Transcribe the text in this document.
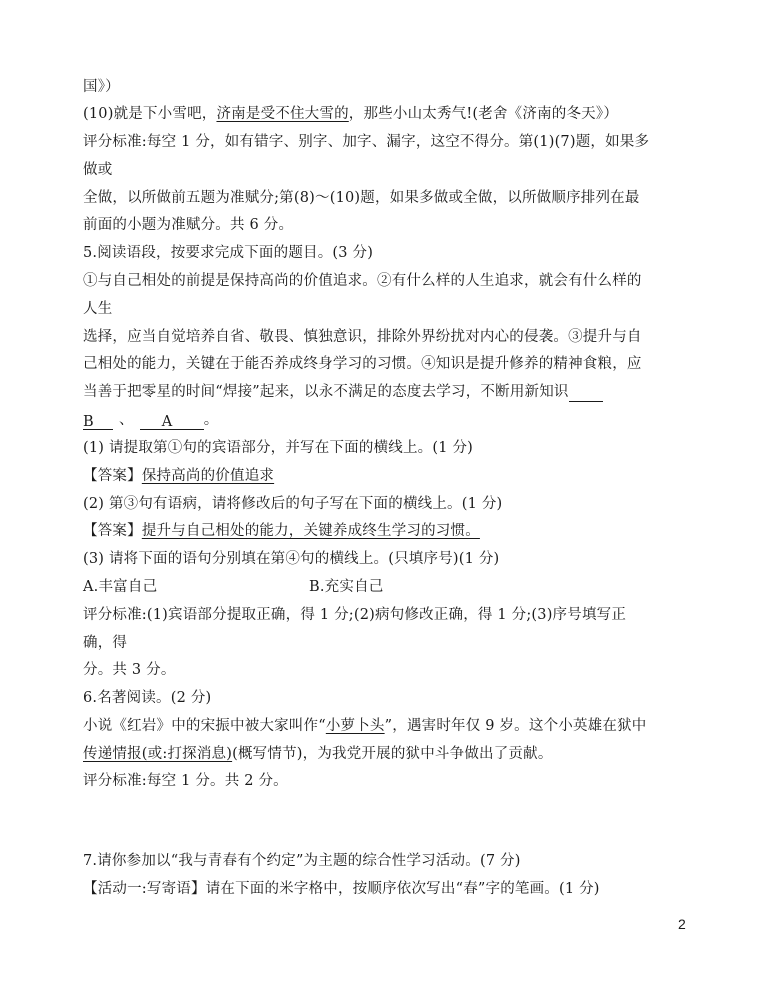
国》）
(10)就是下小雪吧，济南是受不住大雪的，那些小山太秀气!(老舍《济南的冬天》）
评分标准:每空 1 分，如有错字、别字、加字、漏字，这空不得分。第(1)(7)题，如果多
做或
全做，以所做前五题为准赋分;第(8)～(10)题，如果多做或全做，以所做顺序排列在最
前面的小题为准赋分。共 6 分。
5.阅读语段，按要求完成下面的题目。(3 分)
①与自己相处的前提是保持高尚的价值追求。②有什么样的人生追求，就会有什么样的
人生
选择，应当自觉培养自省、敬畏、慎独意识，排除外界纷扰对内心的侵袭。③提升与自
己相处的能力，关键在于能否养成终身学习的习惯。④知识是提升修养的精神食粮，应
当善于把零星的时间“焊接”起来，以永不满足的态度去学习，不断用新知识
B 、 A 。
(1) 请提取第①句的宾语部分，并写在下面的横线上。(1 分)
【答案】保持高尚的价值追求
(2) 第③句有语病，请将修改后的句子写在下面的横线上。(1 分)
【答案】提升与自己相处的能力，关键养成终生学习的习惯。
(3) 请将下面的语句分别填在第④句的横线上。(只填序号)(1 分)
A.丰富自己	B.充实自己
评分标准:(1)宾语部分提取正确，得 1 分;(2)病句修改正确，得 1 分;(3)序号填写正
确，得
分。共 3 分。
6.名著阅读。(2 分)
小说《红岩》中的宋振中被大家叫作“小萝卜头”，遇害时年仅 9 岁。这个小英雄在狱中
传递情报(或:打探消息)(概写情节)，为我党开展的狱中斗争做出了贡献。
评分标准:每空 1 分。共 2 分。
7.请你参加以“我与青春有个约定”为主题的综合性学习活动。(7 分)
【活动一:写寄语】请在下面的米字格中，按顺序依次写出“春”字的笔画。(1 分)
2
